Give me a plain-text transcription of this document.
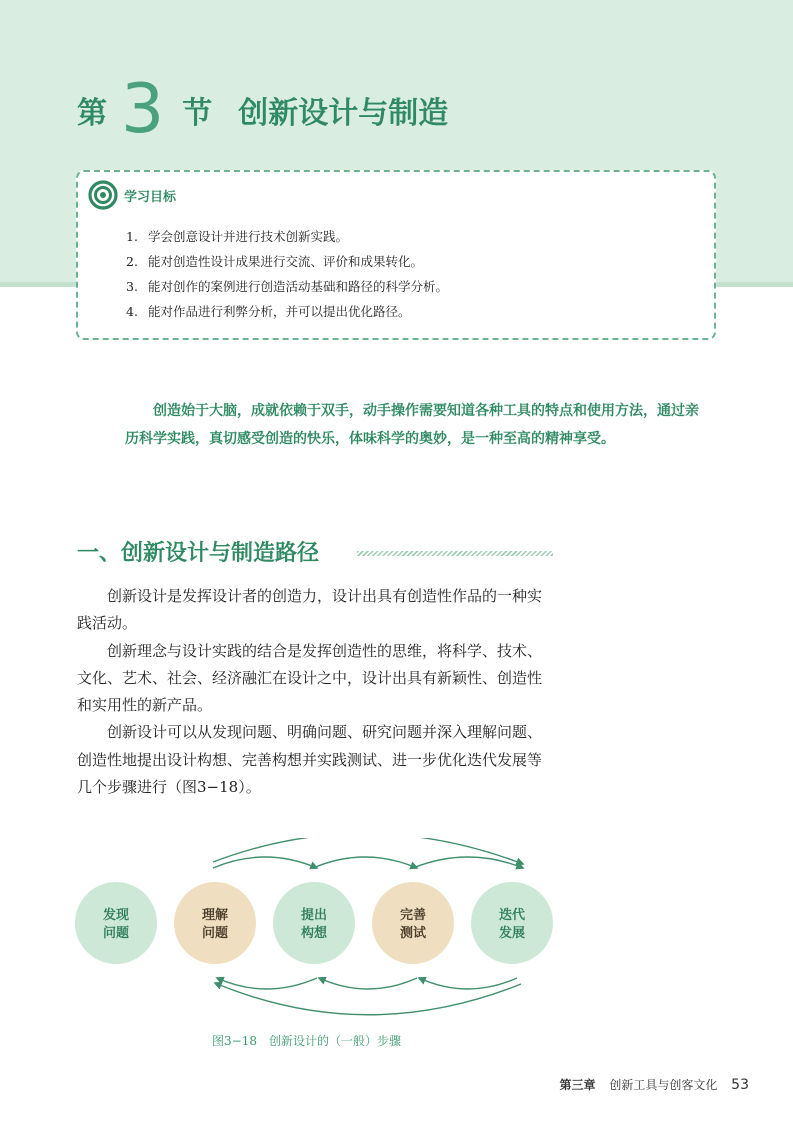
第 3 节 创新设计与制造
学习目标
1. 学会创意设计并进行技术创新实践。
2. 能对创造性设计成果进行交流、评价和成果转化。
3. 能对创作的案例进行创造活动基础和路径的科学分析。
4. 能对作品进行利弊分析，并可以提出优化路径。

创造始于大脑，成就依赖于双手，动手操作需要知道各种工具的特点和使用方法，通过亲历科学实践，真切感受创造的快乐，体味科学的奥妙，是一种至高的精神享受。

一、创新设计与制造路径

创新设计是发挥设计者的创造力，设计出具有创造性作品的一种实践活动。

创新理念与设计实践的结合是发挥创造性的思维，将科学、技术、文化、艺术、社会、经济融汇在设计之中，设计出具有新颖性、创造性和实用性的新产品。

创新设计可以从发现问题、明确问题、研究问题并深入理解问题、创造性地提出设计构想、完善构想并实践测试、进一步优化迭代发展等几个步骤进行（图3−18）。

发现
问题
理解
问题
提出
构想
完善
测试
迭代
发展
图3−18　创新设计的（一般）步骤
第三章 创新工具与创客文化 53
